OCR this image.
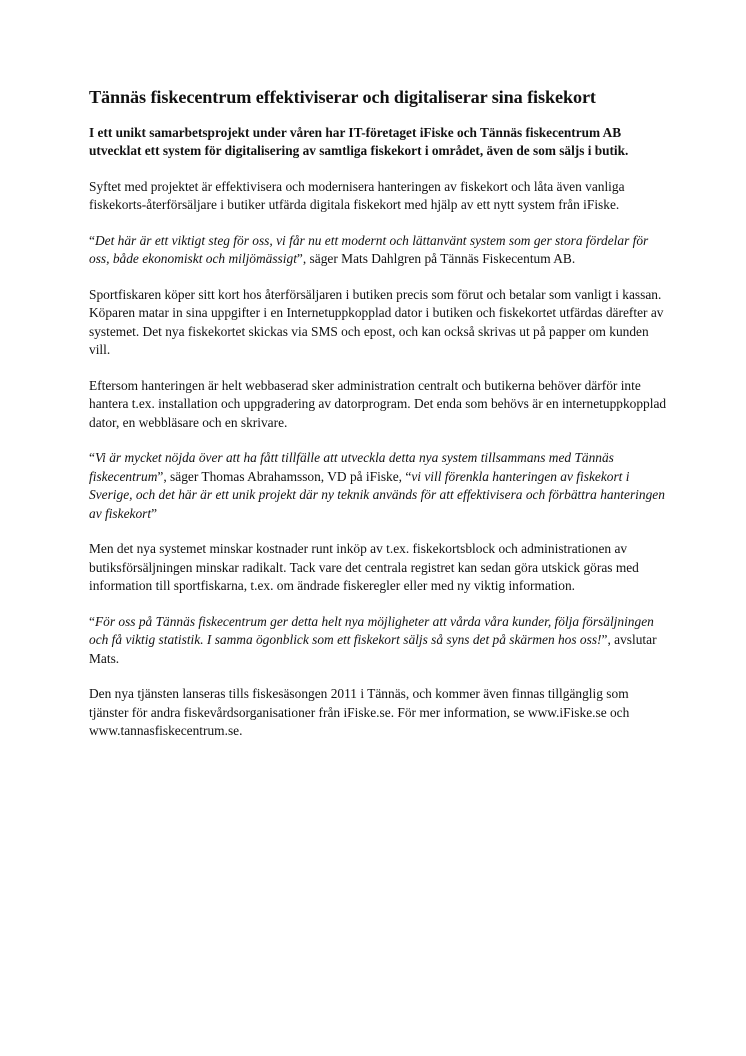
Tännäs fiskecentrum effektiviserar och digitaliserar sina fiskekort

I ett unikt samarbetsprojekt under våren har IT-företaget iFiske och Tännäs fiskecentrum AB utvecklat ett system för digitalisering av samtliga fiskekort i området, även de som säljs i butik.

Syftet med projektet är effektivisera och modernisera hanteringen av fiskekort och låta även vanliga fiskekorts-återförsäljare i butiker utfärda digitala fiskekort med hjälp av ett nytt system från iFiske.

“Det här är ett viktigt steg för oss, vi får nu ett modernt och lättanvänt system som ger stora fördelar för oss, både ekonomiskt och miljömässigt”, säger Mats Dahlgren på Tännäs Fiskecentum AB.

Sportfiskaren köper sitt kort hos återförsäljaren i butiken precis som förut och betalar som vanligt i kassan. Köparen matar in sina uppgifter i en Internetuppkopplad dator i butiken och fiskekortet utfärdas därefter av systemet. Det nya fiskekortet skickas via SMS och epost, och kan också skrivas ut på papper om kunden vill.

Eftersom hanteringen är helt webbaserad sker administration centralt och butikerna behöver därför inte hantera t.ex. installation och uppgradering av datorprogram. Det enda som behövs är en internetuppkopplad dator, en webbläsare och en skrivare.

“Vi är mycket nöjda över att ha fått tillfälle att utveckla detta nya system tillsammans med Tännäs fiskecentrum”, säger Thomas Abrahamsson, VD på iFiske, “vi vill förenkla hanteringen av fiskekort i Sverige, och det här är ett unik projekt där ny teknik används för att effektivisera och förbättra hanteringen av fiskekort”

Men det nya systemet minskar kostnader runt inköp av t.ex. fiskekortsblock och administrationen av butiksförsäljningen minskar radikalt. Tack vare det centrala registret kan sedan göra utskick göras med information till sportfiskarna, t.ex. om ändrade fiskeregler eller med ny viktig information.

“För oss på Tännäs fiskecentrum ger detta helt nya möjligheter att vårda våra kunder, följa försäljningen och få viktig statistik. I samma ögonblick som ett fiskekort säljs så syns det på skärmen hos oss!”, avslutar Mats.

Den nya tjänsten lanseras tills fiskesäsongen 2011 i Tännäs, och kommer även finnas tillgänglig som tjänster för andra fiskevårdsorganisationer från iFiske.se. För mer information, se www.iFiske.se och www.tannasfiskecentrum.se.
